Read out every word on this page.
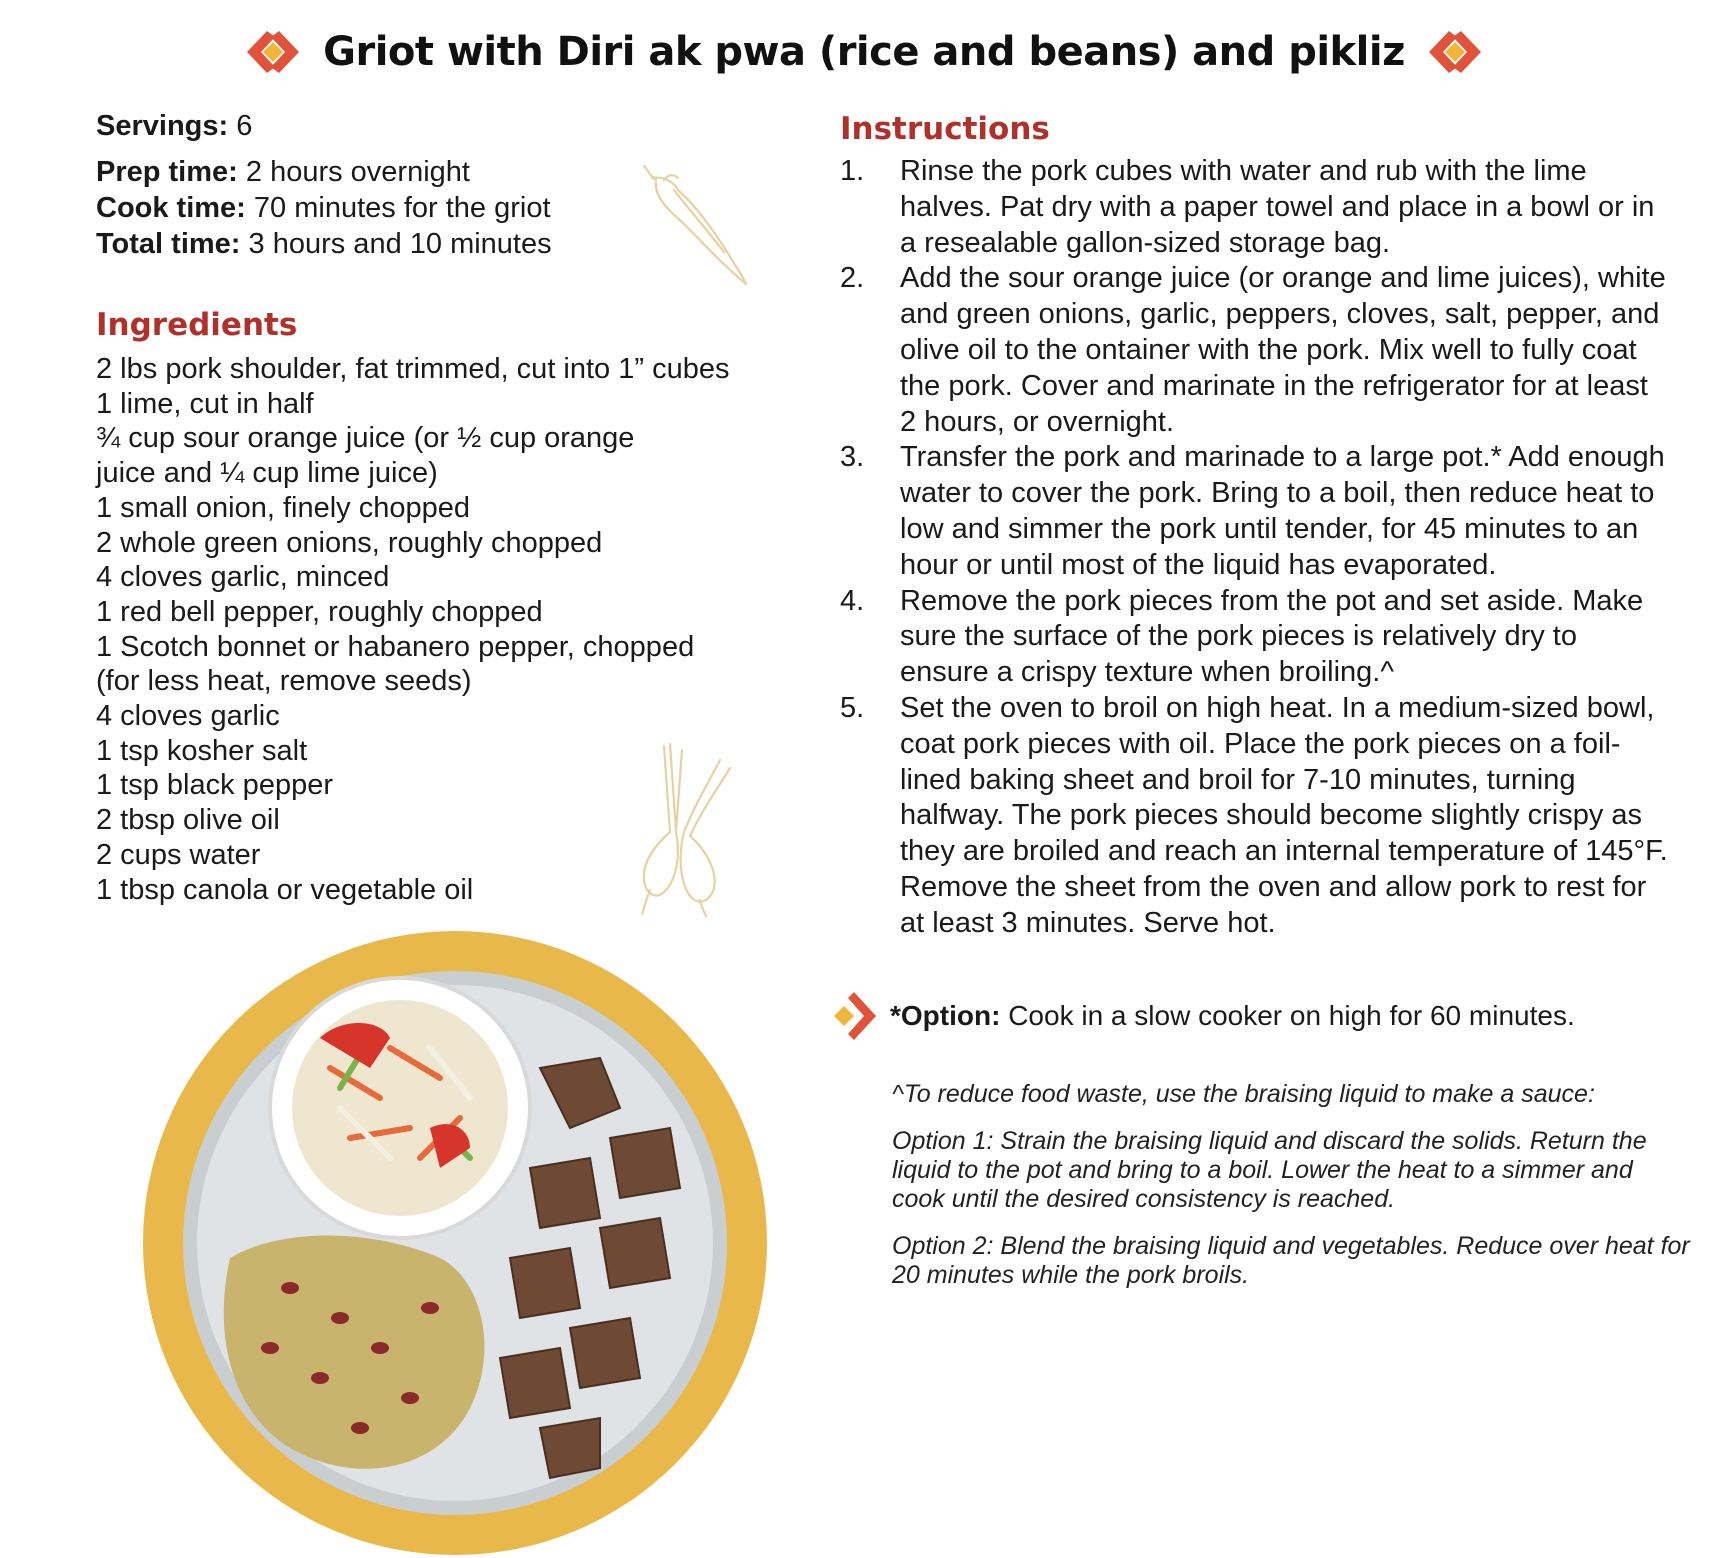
Griot with Diri ak pwa (rice and beans) and pikliz
Servings: 6
Prep time: 2 hours overnight
Cook time: 70 minutes for the griot
Total time: 3 hours and 10 minutes
Ingredients
2 lbs pork shoulder, fat trimmed, cut into 1” cubes
1 lime, cut in half
¾ cup sour orange juice (or ½ cup orange
juice and ¼ cup lime juice)
1 small onion, finely chopped
2 whole green onions, roughly chopped
4 cloves garlic, minced
1 red bell pepper, roughly chopped
1 Scotch bonnet or habanero pepper, chopped
(for less heat, remove seeds)
4 cloves garlic
1 tsp kosher salt
1 tsp black pepper
2 tbsp olive oil
2 cups water
1 tbsp canola or vegetable oil
Instructions
1.	Rinse the pork cubes with water and rub with the lime halves. Pat dry with a paper towel and place in a bowl or in a resealable gallon-sized storage bag.
2.	Add the sour orange juice (or orange and lime juices), white and green onions, garlic, peppers, cloves, salt, pepper, and olive oil to the ontainer with the pork. Mix well to fully coat the pork. Cover and marinate in the refrigerator for at least 2 hours, or overnight.
3.	Transfer the pork and marinade to a large pot.* Add enough water to cover the pork. Bring to a boil, then reduce heat to low and simmer the pork until tender, for 45 minutes to an hour or until most of the liquid has evaporated.
4.	Remove the pork pieces from the pot and set aside. Make sure the surface of the pork pieces is relatively dry to ensure a crispy texture when broiling.^
5.	Set the oven to broil on high heat. In a medium-sized bowl, coat pork pieces with oil. Place the pork pieces on a foil-lined baking sheet and broil for 7-10 minutes, turning halfway. The pork pieces should become slightly crispy as they are broiled and reach an internal temperature of 145°F. Remove the sheet from the oven and allow pork to rest for at least 3 minutes. Serve hot.
*Option: Cook in a slow cooker on high for 60 minutes.

^To reduce food waste, use the braising liquid to make a sauce:

Option 1: Strain the braising liquid and discard the solids. Return the liquid to the pot and bring to a boil. Lower the heat to a simmer and cook until the desired consistency is reached.

Option 2: Blend the braising liquid and vegetables. Reduce over heat for 20 minutes while the pork broils.
